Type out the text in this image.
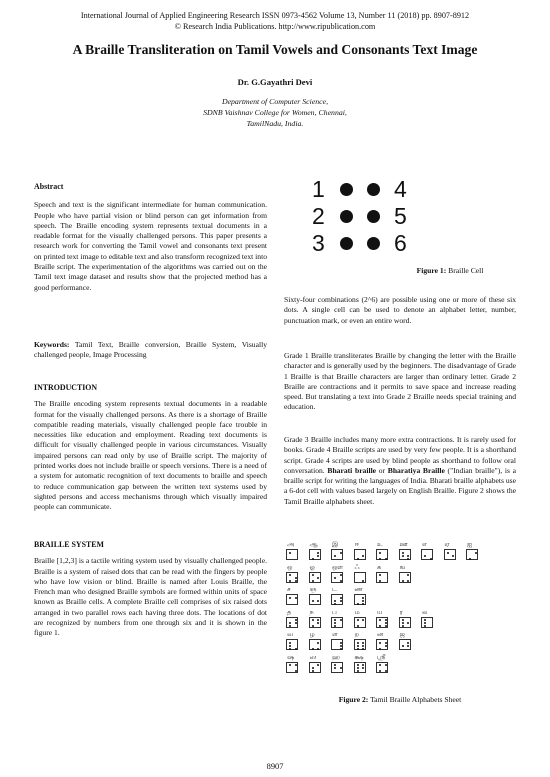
International Journal of Applied Engineering Research ISSN 0973-4562 Volume 13, Number 11 (2018) pp. 8907-8912
© Research India Publications. http://www.ripublication.com
A Braille Transliteration on Tamil Vowels and Consonants Text Image
Dr. G.Gayathri Devi
Department of Computer Science,
SDNB Vaishnav College for Women, Chennai,
TamilNadu, India.
Abstract
Speech and text is the significant intermediate for human communication. People who have partial vision or blind person can get information from speech. The Braille encoding system represents textual documents in a readable format for the visually challenged persons. This paper presents a research work for converting the Tamil vowel and consonants text present on printed text image to editable text and also transform recognized text into Braille script. The experimentation of the algorithms was carried out on the Tamil text image dataset and results show that the projected method has a good performance.
Keywords: Tamil Text, Braille conversion, Braille System, Visually challenged people, Image Processing
INTRODUCTION
The Braille encoding system represents textual documents in a readable format for the visually challenged persons. As there is a shortage of Braille compatible reading materials, visually challenged people face trouble in necessities like education and employment. Reading text documents is difficult for visually challenged people in various circumstances. Visually impaired persons can read only by use of Braille script. The majority of printed works does not include braille or speech versions. There is a need of a system for automatic recognition of text documents to braille and speech to reduce communication gap between the written text systems used by sighted persons and access mechanisms through which visually impaired people can communicate.
BRAILLE SYSTEM
Braille [1,2,3] is a tactile writing system used by visually challenged people. Braille is a system of raised dots that can be read with the fingers by people who have low vision or blind. Braille is named after Louis Braille, the French man who designed Braille symbols are formed within units of space known as Braille cells. A complete Braille cell comprises of six raised dots arranged in two parallel rows each having three dots. The locations of dot are recognized by numbers from one through six and it is shown in the figure 1.
1
2
3
4
5
6
Figure 1: Braille Cell
Sixty-four combinations (2^6) are possible using one or more of these six dots. A single cell can be used to denote an alphabet letter, number, punctuation mark, or even an entire word.
Grade 1 Braille transliterates Braille by changing the letter with the Braille character and is generally used by the beginners. The disadvantage of Grade 1 Braille is that Braille characters are larger than ordinary letter. Grade 2 Braille are contractions and it permits to save space and increase reading speed. But translating a text into Grade 2 Braille needs special training and education.
Grade 3 Braille includes many more extra contractions. It is rarely used for books. Grade 4 Braille scripts are used by very few people. It is a shorthand script. Grade 4 scripts are used by blind people as shorthand to follow oral conversation. Bharati braille or Bharatiya Braille ("Indian braille"), is a braille script for writing the languages of India. Bharati braille alphabets use a 6-dot cell with values based largely on English Braille. Figure 2 shows the Tamil Braille alphabets sheet.
அ ஆ இ ஈ	உ	ஊ எ	ஏ	ஐ
ஒ	ஓ	ஔ ஃ	க	ங
ச	ஞ ட	ண
த	ந	ப	ம	ய	ர	ல
வ	ழ	ள	ற	ன ஜ
ஷ ஸ ஹ க்ஷ ஸ்ரீ
Figure 2: Tamil Braille Alphabets Sheet
8907
